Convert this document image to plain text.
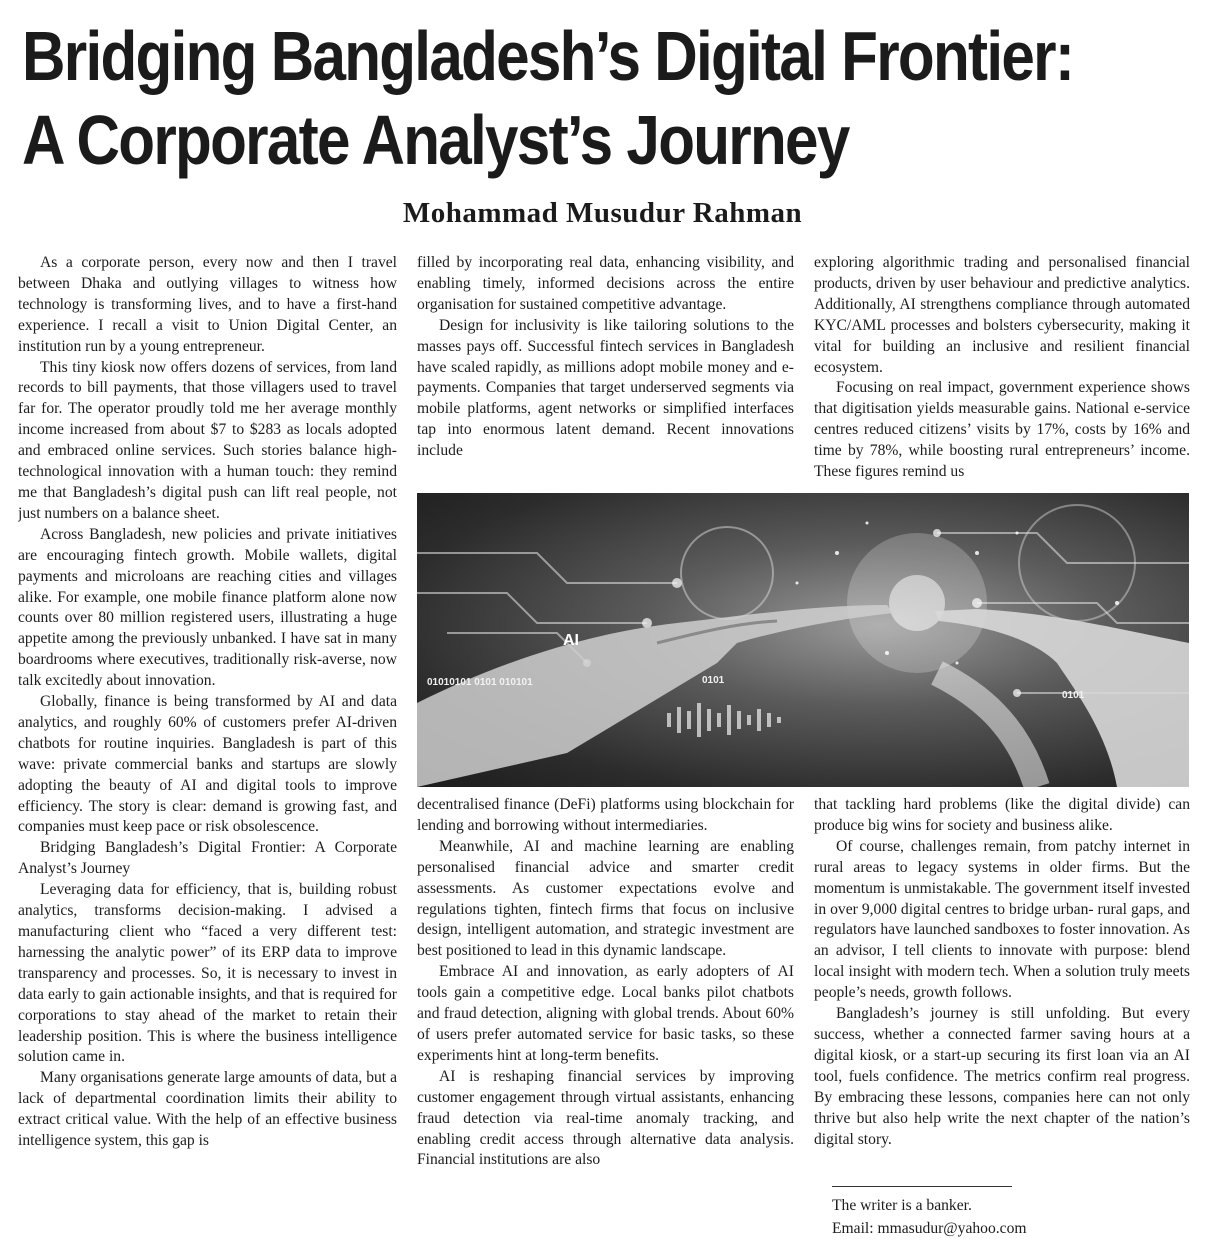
Bridging Bangladesh’s Digital Frontier:
A Corporate Analyst’s Journey
Mohammad Musudur Rahman

As a corporate person, every now and then I travel between Dhaka and outlying villages to witness how technology is transforming lives, and to have a first-hand experience. I recall a visit to Union Digital Center, an institution run by a young entrepreneur.

This tiny kiosk now offers dozens of services, from land records to bill payments, that those villagers used to travel far for. The operator proudly told me her average monthly income increased from about $7 to $283 as locals adopted and embraced online services. Such stories balance high-technological innovation with a human touch: they remind me that Bangladesh’s digital push can lift real people, not just numbers on a balance sheet.

Across Bangladesh, new policies and private initiatives are encouraging fintech growth. Mobile wallets, digital payments and microloans are reaching cities and villages alike. For example, one mobile finance platform alone now counts over 80 million registered users, illustrating a huge appetite among the previously unbanked. I have sat in many boardrooms where executives, traditionally risk-averse, now talk excitedly about innovation.

Globally, finance is being transformed by AI and data analytics, and roughly 60% of customers prefer AI-driven chatbots for routine inquiries. Bangladesh is part of this wave: private commercial banks and startups are slowly adopting the beauty of AI and digital tools to improve efficiency. The story is clear: demand is growing fast, and companies must keep pace or risk obsolescence.

Bridging Bangladesh’s Digital Frontier: A Corporate Analyst’s Journey

Leveraging data for efficiency, that is, building robust analytics, transforms decision-making. I advised a manufacturing client who “faced a very different test: harnessing the analytic power” of its ERP data to improve transparency and processes. So, it is necessary to invest in data early to gain actionable insights, and that is required for corporations to stay ahead of the market to retain their leadership position. This is where the business intelligence solution came in.

Many organisations generate large amounts of data, but a lack of departmental coordination limits their ability to extract critical value. With the help of an effective business intelligence system, this gap is

filled by incorporating real data, enhancing visibility, and enabling timely, informed decisions across the entire organisation for sustained competitive advantage.

Design for inclusivity is like tailoring solutions to the masses pays off. Successful fintech services in Bangladesh have scaled rapidly, as millions adopt mobile money and e-payments. Companies that target underserved segments via mobile platforms, agent networks or simplified interfaces tap into enormous latent demand. Recent innovations include

exploring algorithmic trading and personalised financial products, driven by user behaviour and predictive analytics. Additionally, AI strengthens compliance through automated KYC/AML processes and bolsters cybersecurity, making it vital for building an inclusive and resilient financial ecosystem.

Focusing on real impact, government experience shows that digitisation yields measurable gains. National e-service centres reduced citizens’ visits by 17%, costs by 16% and time by 78%, while boosting rural entrepreneurs’ income. These figures remind us

AI
01010101 0101 010101	0101
0101

decentralised finance (DeFi) platforms using blockchain for lending and borrowing without intermediaries.

Meanwhile, AI and machine learning are enabling personalised financial advice and smarter credit assessments. As customer expectations evolve and regulations tighten, fintech firms that focus on inclusive design, intelligent automation, and strategic investment are best positioned to lead in this dynamic landscape.

Embrace AI and innovation, as early adopters of AI tools gain a competitive edge. Local banks pilot chatbots and fraud detection, aligning with global trends. About 60% of users prefer automated service for basic tasks, so these experiments hint at long-term benefits.

AI is reshaping financial services by improving customer engagement through virtual assistants, enhancing fraud detection via real-time anomaly tracking, and enabling credit access through alternative data analysis. Financial institutions are also

that tackling hard problems (like the digital divide) can produce big wins for society and business alike.

Of course, challenges remain, from patchy internet in rural areas to legacy systems in older firms. But the momentum is unmistakable. The government itself invested in over 9,000 digital centres to bridge urban- rural gaps, and regulators have launched sandboxes to foster innovation. As an advisor, I tell clients to innovate with purpose: blend local insight with modern tech. When a solution truly meets people’s needs, growth follows.

Bangladesh’s journey is still unfolding. But every success, whether a connected farmer saving hours at a digital kiosk, or a start-up securing its first loan via an AI tool, fuels confidence. The metrics confirm real progress. By embracing these lessons, companies here can not only thrive but also help write the next chapter of the nation’s digital story.

The writer is a banker.
Email: mmasudur@yahoo.com
